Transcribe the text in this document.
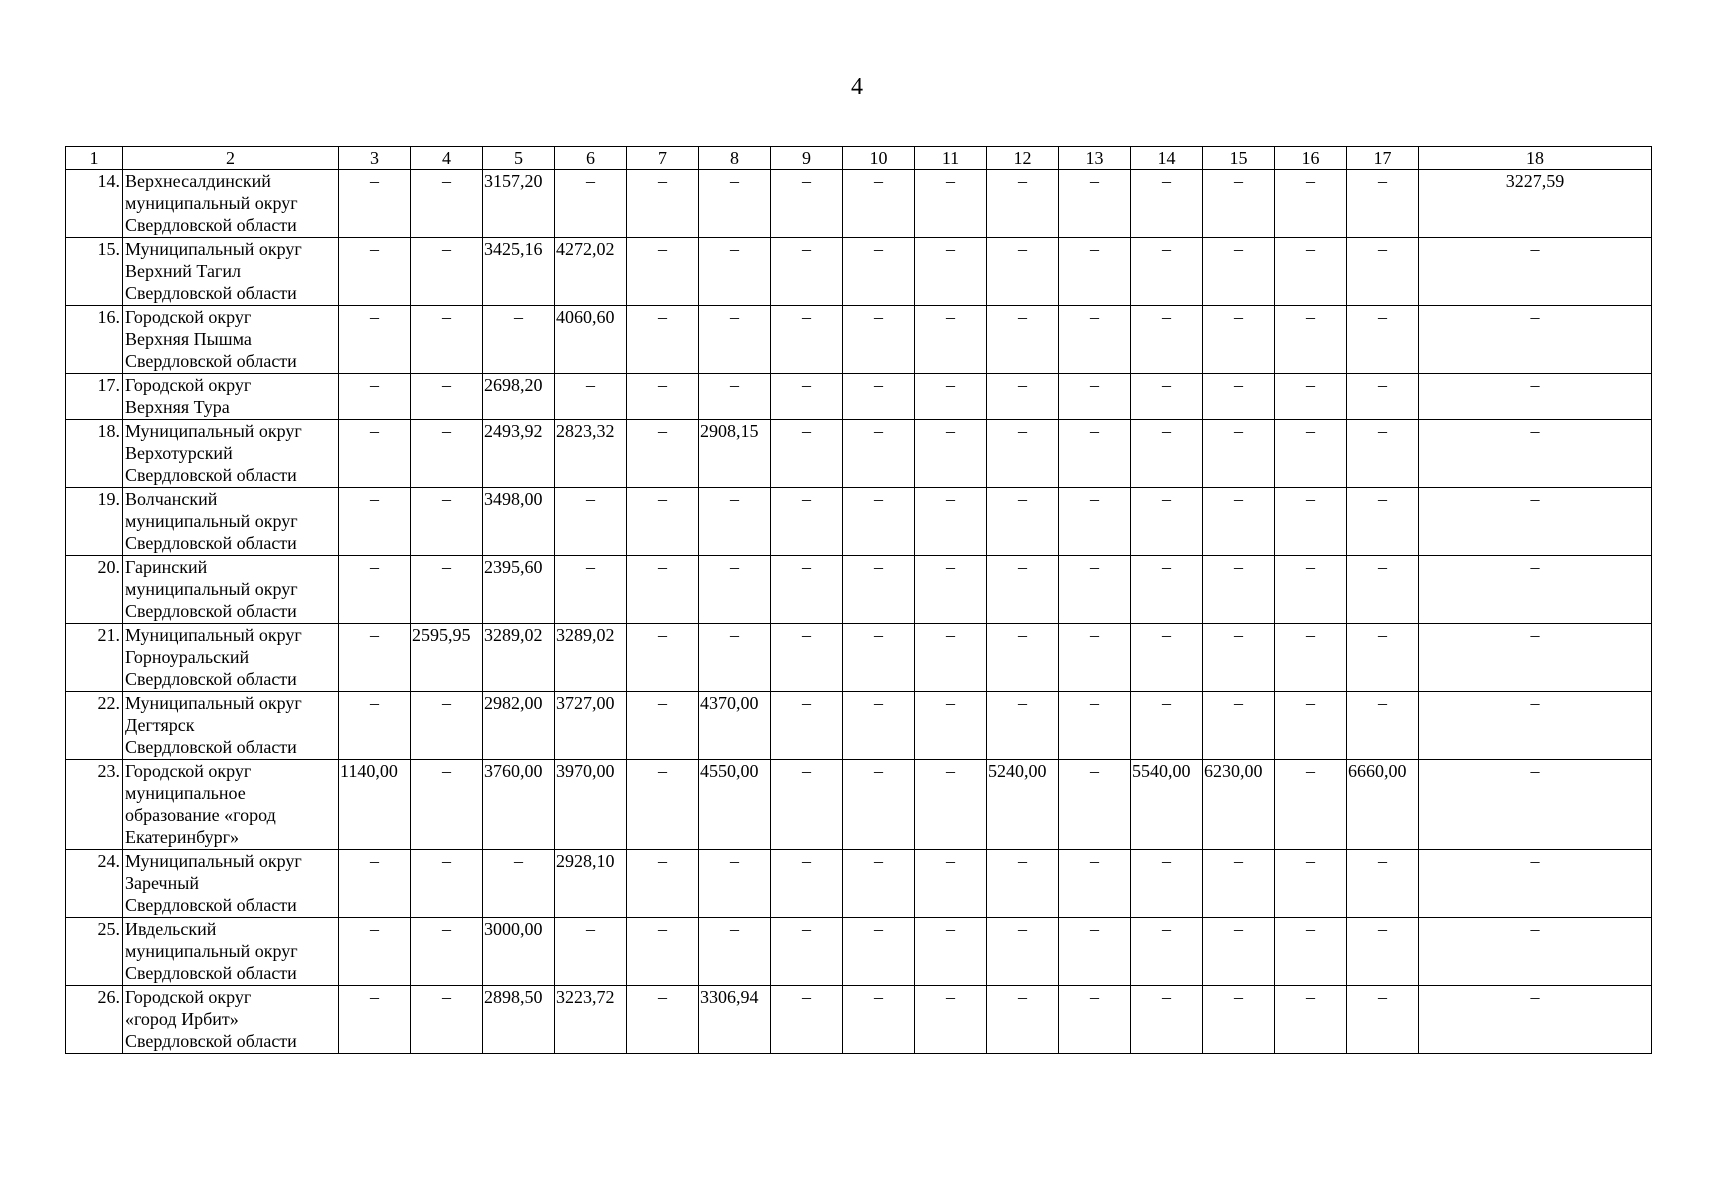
4
1	2	3	4	5	6	7	8	9	10	11	12	13	14	15	16	17	18
14.	Верхнесалдинский
муниципальный округ
Свердловской области	–	–	3157,20	–	–	–	–	–	–	–	–	–	–	–	–	3227,59
15.	Муниципальный округ
Верхний Тагил
Свердловской области	–	–	3425,16	4272,02	–	–	–	–	–	–	–	–	–	–	–	–
16.	Городской округ
Верхняя Пышма
Свердловской области	–	–	–	4060,60	–	–	–	–	–	–	–	–	–	–	–	–
17.	Городской округ
Верхняя Тура	–	–	2698,20	–	–	–	–	–	–	–	–	–	–	–	–	–
18.	Муниципальный округ
Верхотурский
Свердловской области	–	–	2493,92	2823,32	–	2908,15	–	–	–	–	–	–	–	–	–	–
19.	Волчанский
муниципальный округ
Свердловской области	–	–	3498,00	–	–	–	–	–	–	–	–	–	–	–	–	–
20.	Гаринский
муниципальный округ
Свердловской области	–	–	2395,60	–	–	–	–	–	–	–	–	–	–	–	–	–
21.	Муниципальный округ
Горноуральский
Свердловской области	–	2595,95	3289,02	3289,02	–	–	–	–	–	–	–	–	–	–	–	–
22.	Муниципальный округ
Дегтярск
Свердловской области	–	–	2982,00	3727,00	–	4370,00	–	–	–	–	–	–	–	–	–	–
23.	Городской округ
муниципальное
образование «город
Екатеринбург»	1140,00	–	3760,00	3970,00	–	4550,00	–	–	–	5240,00	–	5540,00	6230,00	–	6660,00	–
24.	Муниципальный округ
Заречный
Свердловской области	–	–	–	2928,10	–	–	–	–	–	–	–	–	–	–	–	–
25.	Ивдельский
муниципальный округ
Свердловской области	–	–	3000,00	–	–	–	–	–	–	–	–	–	–	–	–	–
26.	Городской округ
«город Ирбит»
Свердловской области	–	–	2898,50	3223,72	–	3306,94	–	–	–	–	–	–	–	–	–	–
